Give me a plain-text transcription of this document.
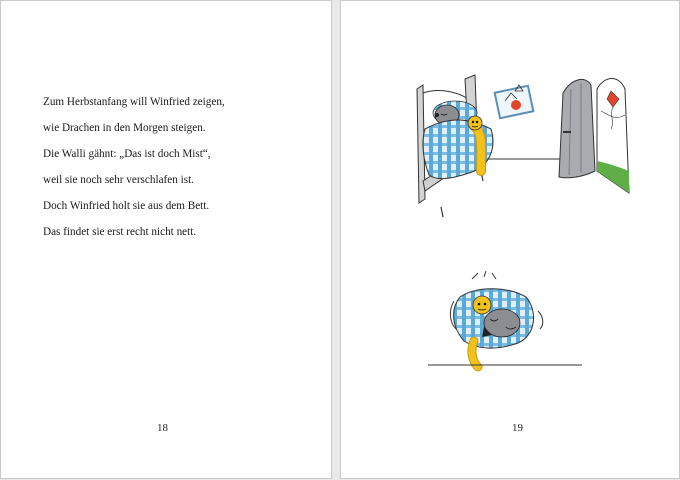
Zum Herbstanfang will Winfried zeigen,
wie Drachen in den Morgen steigen.
Die Walli gähnt: „Das ist doch Mist“,
weil sie noch sehr verschlafen ist.
Doch Winfried holt sie aus dem Bett.
Das findet sie erst recht nicht nett.
18	19
